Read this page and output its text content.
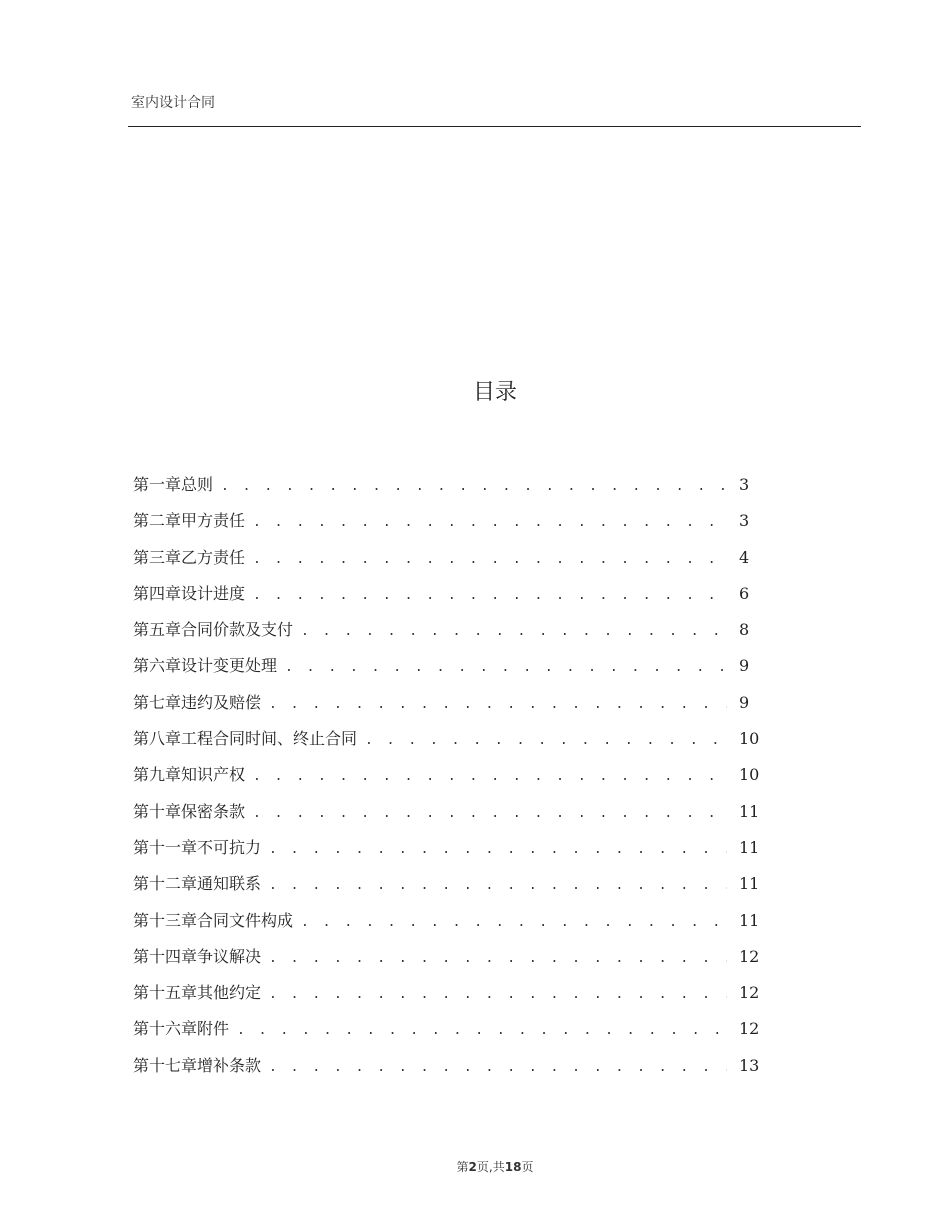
室内设计合同
目录
第一章总则 . . .	3
第二章甲方责任 . . .	3
第三章乙方责任 . . .	4
第四章设计进度 . . .	6
第五章合同价款及支付 . . .	8
第六章设计变更处理 . . .	9
第七章违约及赔偿 . . .	9
第八章工程合同时间、终止合同 . . .	10
第九章知识产权 . . .	10
第十章保密条款 . . .	11
第十一章不可抗力 . . .	11
第十二章通知联系 . . .	11
第十三章合同文件构成 . . .	11
第十四章争议解决 . . .	12
第十五章其他约定 . . .	12
第十六章附件 . . .	12
第十七章增补条款 . . .	13
第2页,共18页
